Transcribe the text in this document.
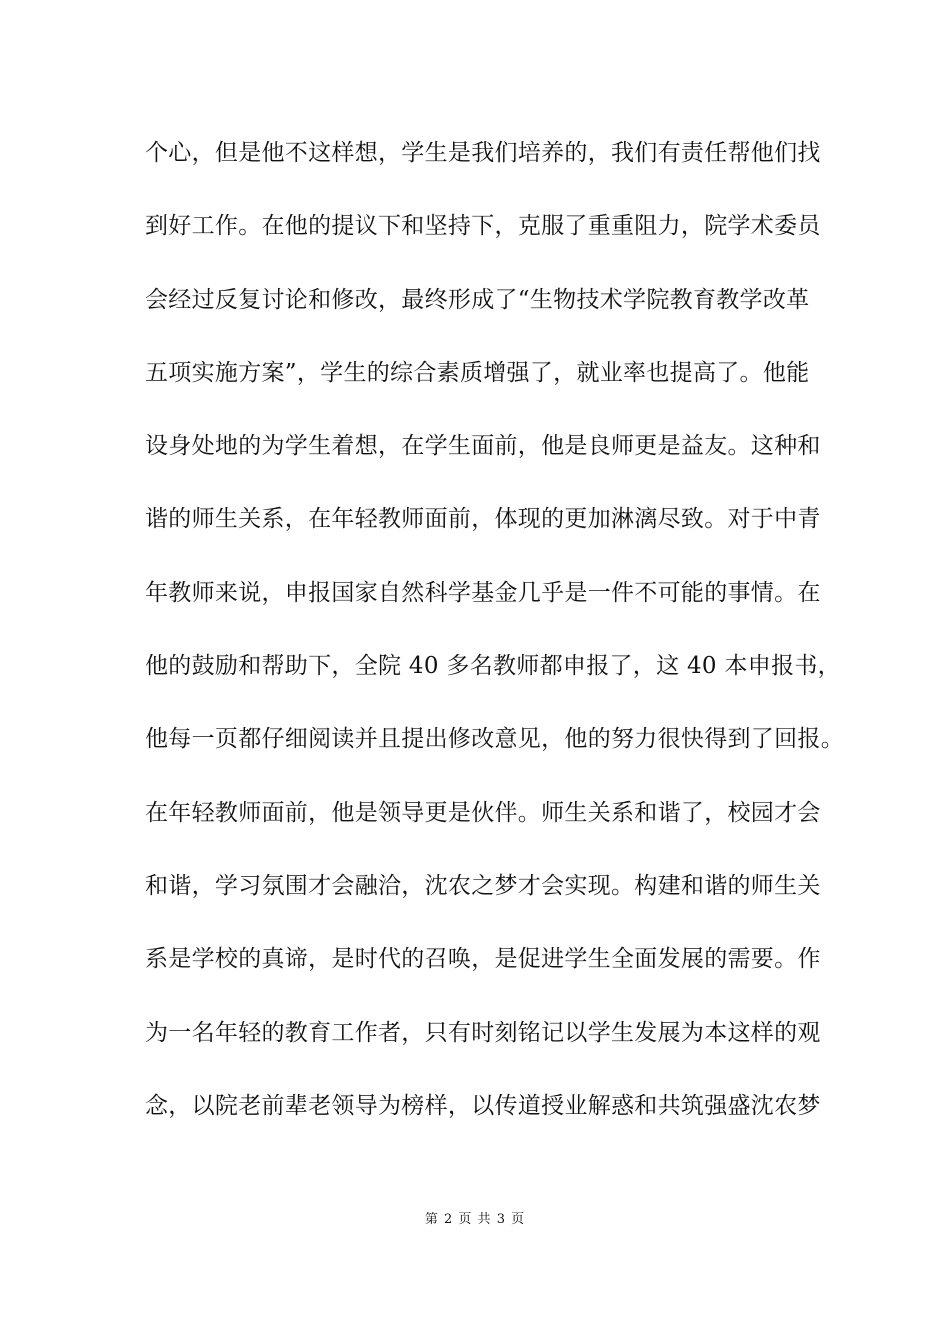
个心，但是他不这样想，学生是我们培养的，我们有责任帮他们找
到好工作。在他的提议下和坚持下，克服了重重阻力，院学术委员
会经过反复讨论和修改，最终形成了“生物技术学院教育教学改革
五项实施方案”，学生的综合素质增强了，就业率也提高了。他能
设身处地的为学生着想，在学生面前，他是良师更是益友。这种和
谐的师生关系，在年轻教师面前，体现的更加淋漓尽致。对于中青
年教师来说，申报国家自然科学基金几乎是一件不可能的事情。在
他的鼓励和帮助下，全院 40 多名教师都申报了，这 40 本申报书，
他每一页都仔细阅读并且提出修改意见，他的努力很快得到了回报。
在年轻教师面前，他是领导更是伙伴。师生关系和谐了，校园才会
和谐，学习氛围才会融洽，沈农之梦才会实现。构建和谐的师生关
系是学校的真谛，是时代的召唤，是促进学生全面发展的需要。作
为一名年轻的教育工作者，只有时刻铭记以学生发展为本这样的观
念，以院老前辈老领导为榜样，以传道授业解惑和共筑强盛沈农梦
第 2 页 共 3 页
